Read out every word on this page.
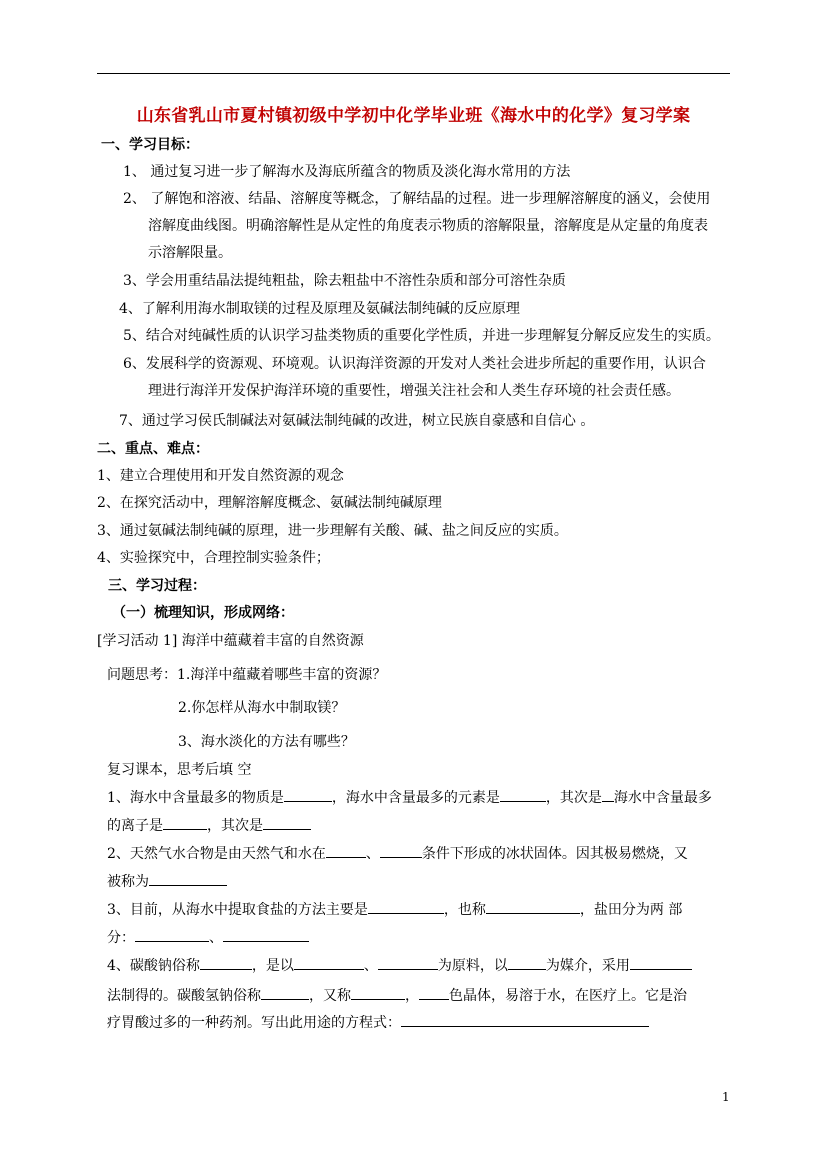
山东省乳山市夏村镇初级中学初中化学毕业班《海水中的化学》复习学案
一、学习目标：
1、 通过复习进一步了解海水及海底所蕴含的物质及淡化海水常用的方法
2、 了解饱和溶液、结晶、溶解度等概念，了解结晶的过程。进一步理解溶解度的涵义，会使用
溶解度曲线图。明确溶解性是从定性的角度表示物质的溶解限量，溶解度是从定量的角度表
示溶解限量。
3、学会用重结晶法提纯粗盐，除去粗盐中不溶性杂质和部分可溶性杂质
4、了解利用海水制取镁的过程及原理及氨碱法制纯碱的反应原理
5、结合对纯碱性质的认识学习盐类物质的重要化学性质，并进一步理解复分解反应发生的实质。
6、发展科学的资源观、环境观。认识海洋资源的开发对人类社会进步所起的重要作用，认识合
理进行海洋开发保护海洋环境的重要性，增强关注社会和人类生存环境的社会责任感。
7、通过学习侯氏制碱法对氨碱法制纯碱的改进，树立民族自豪感和自信心 。
二、重点、难点：
1、建立合理使用和开发自然资源的观念
2、在探究活动中，理解溶解度概念、氨碱法制纯碱原理
3、通过氨碱法制纯碱的原理，进一步理解有关酸、碱、盐之间反应的实质。
4、实验探究中，合理控制实验条件；
三、学习过程：
（一）梳理知识，形成网络：
[学习活动 1] 海洋中蕴藏着丰富的自然资源
问题思考：1.海洋中蕴藏着哪些丰富的资源？
2.你怎样从海水中制取镁？
3、海水淡化的方法有哪些？
复习课本，思考后填 空
1、海水中含量最多的物质是	，海水中含量最多的元素是	，其次是 海水中含量最多
的离子是	，其次是
2、天然气水合物是由天然气和水在	、	条件下形成的冰状固体。因其极易燃烧，又
被称为
3、目前，从海水中提取食盐的方法主要是	，也称	，盐田分为两 部
分：	、
4、碳酸钠俗称	，是以	、	为原料，以	为媒介，采用
法制得的。碳酸氢钠俗称	，又称	， 色晶体，易溶于水，在医疗上。它是治
疗胃酸过多的一种药剂。写出此用途的方程式：
1
